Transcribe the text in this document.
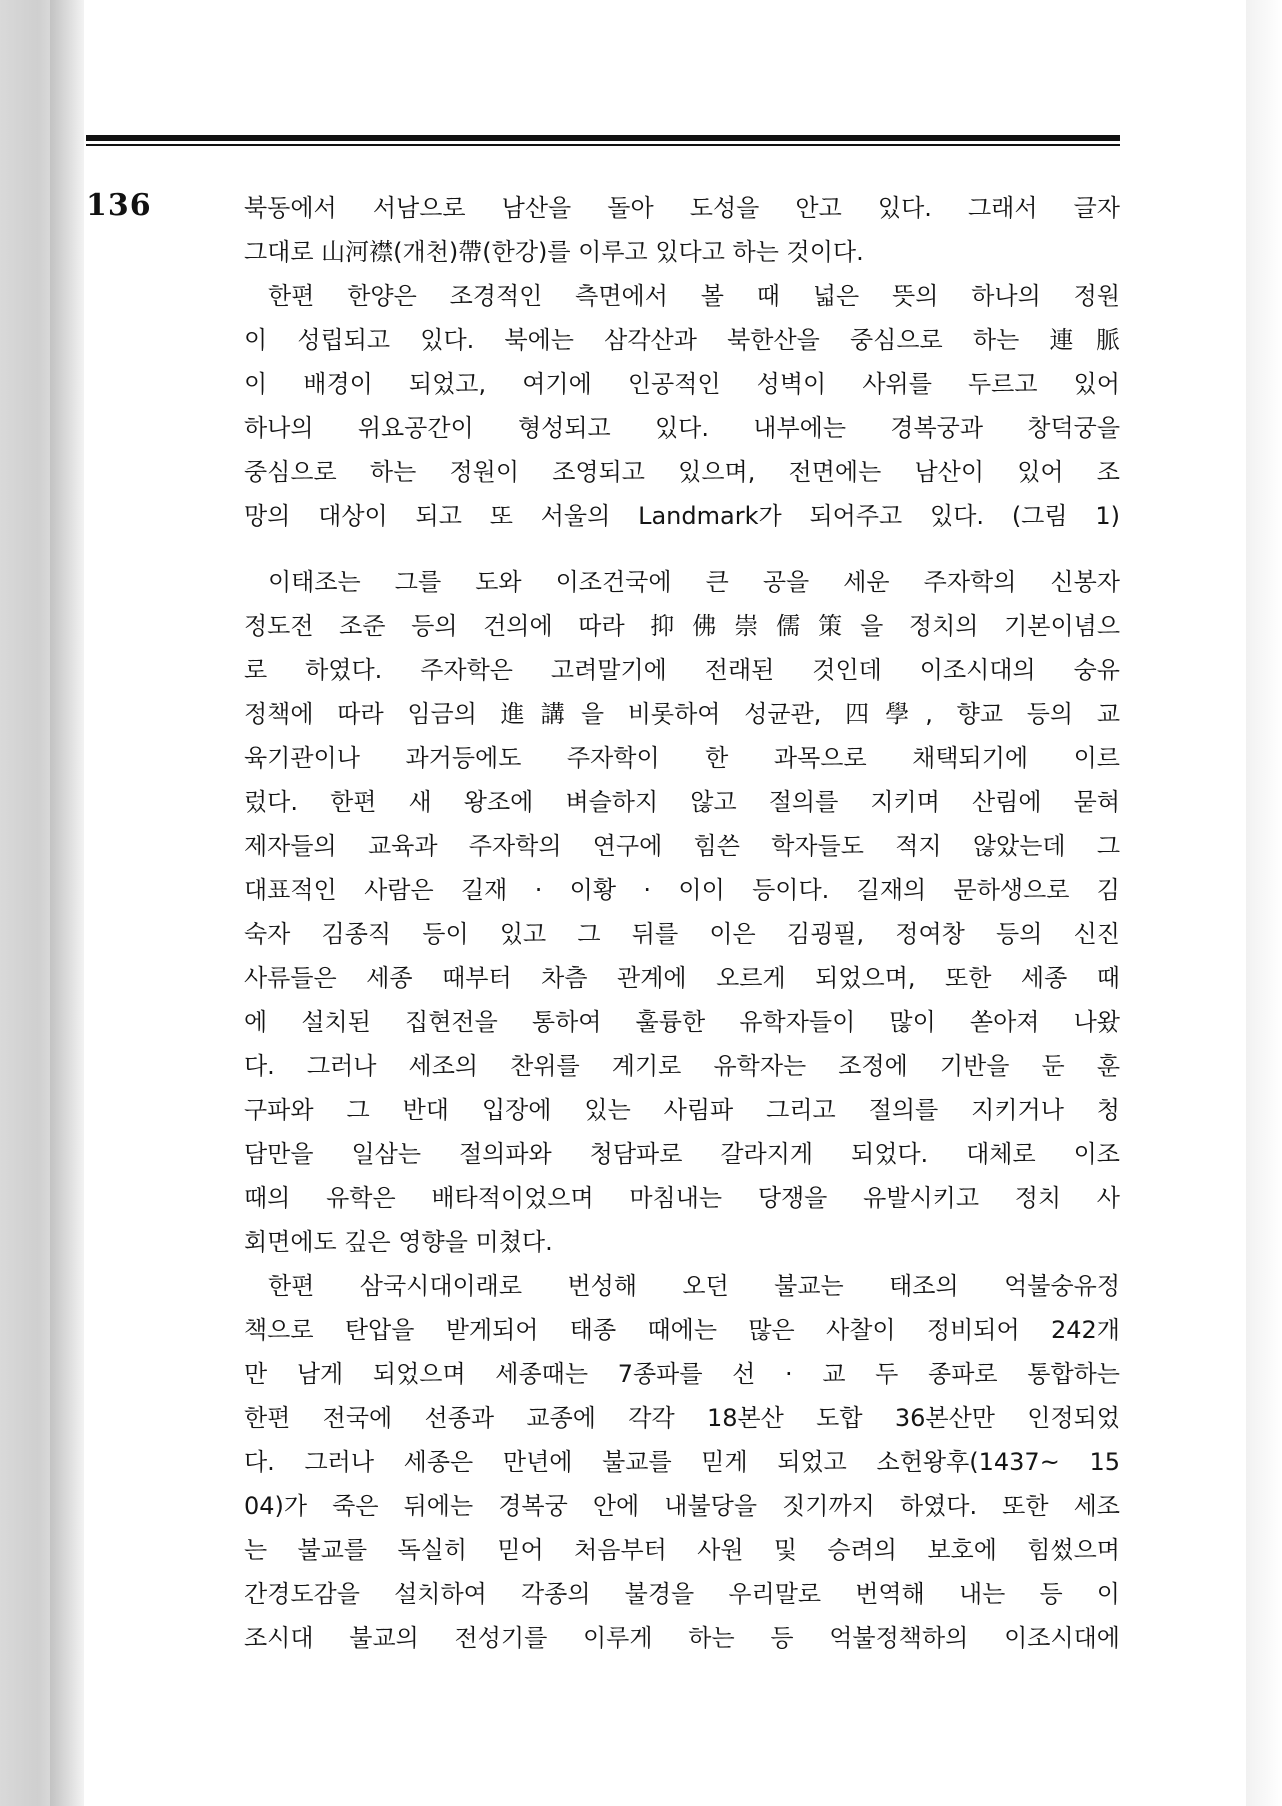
136	북동에서 서남으로 남산을 돌아 도성을 안고 있다. 그래서 글자
그대로 山河襟(개천)帶(한강)를 이루고 있다고 하는 것이다.
한편 한양은 조경적인 측면에서 볼 때 넓은 뜻의 하나의 정원
이 성립되고 있다. 북에는 삼각산과 북한산을 중심으로 하는 連脈
이 배경이 되었고, 여기에 인공적인 성벽이 사위를 두르고 있어
하나의 위요공간이 형성되고 있다. 내부에는 경복궁과 창덕궁을
중심으로 하는 정원이 조영되고 있으며, 전면에는 남산이 있어 조
망의 대상이 되고 또 서울의 Landmark가 되어주고 있다. (그림 1)
이태조는 그를 도와 이조건국에 큰 공을 세운 주자학의 신봉자
정도전 조준 등의 건의에 따라 抑佛崇儒策을 정치의 기본이념으
로 하였다. 주자학은 고려말기에 전래된 것인데 이조시대의 숭유
정책에 따라 임금의 進講을 비롯하여 성균관, 四學, 향교 등의 교
육기관이나 과거등에도 주자학이 한 과목으로 채택되기에 이르
렀다. 한편 새 왕조에 벼슬하지 않고 절의를 지키며 산림에 묻혀
제자들의 교육과 주자학의 연구에 힘쓴 학자들도 적지 않았는데 그
대표적인 사람은 길재 · 이황 · 이이 등이다. 길재의 문하생으로 김
숙자 김종직 등이 있고 그 뒤를 이은 김굉필, 정여창 등의 신진
사류들은 세종 때부터 차츰 관계에 오르게 되었으며, 또한 세종 때
에 설치된 집현전을 통하여 훌륭한 유학자들이 많이 쏟아져 나왔
다. 그러나 세조의 찬위를 계기로 유학자는 조정에 기반을 둔 훈
구파와 그 반대 입장에 있는 사림파 그리고 절의를 지키거나 청
담만을 일삼는 절의파와 청담파로 갈라지게 되었다. 대체로 이조
때의 유학은 배타적이었으며 마침내는 당쟁을 유발시키고 정치 사
회면에도 깊은 영향을 미쳤다.
한편 삼국시대이래로 번성해 오던 불교는 태조의 억불숭유정
책으로 탄압을 받게되어 태종 때에는 많은 사찰이 정비되어 242개
만 남게 되었으며 세종때는 7종파를 선 · 교 두 종파로 통합하는
한편 전국에 선종과 교종에 각각 18본산 도합 36본산만 인정되었
다. 그러나 세종은 만년에 불교를 믿게 되었고 소헌왕후(1437~ 15
04)가 죽은 뒤에는 경복궁 안에 내불당을 짓기까지 하였다. 또한 세조
는 불교를 독실히 믿어 처음부터 사원 및 승려의 보호에 힘썼으며
간경도감을 설치하여 각종의 불경을 우리말로 번역해 내는 등 이
조시대 불교의 전성기를 이루게 하는 등 억불정책하의 이조시대에
